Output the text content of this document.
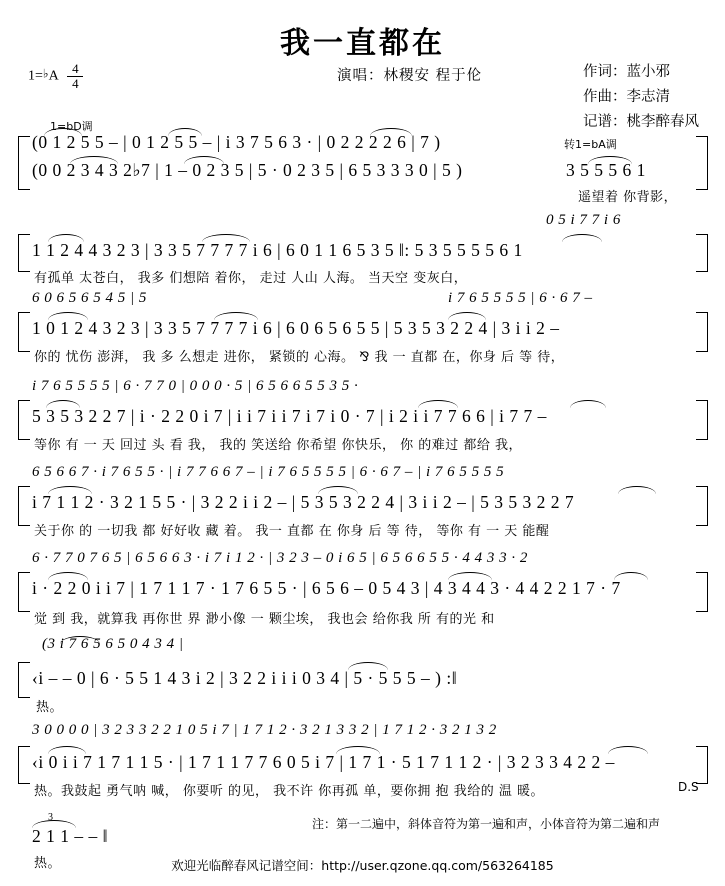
我一直都在
1=♭A $\frac{4}{4}$	演唱：林稷安 程于伦	作词：蓝小邪
作曲：李志清
记谱：桃李醉春风
1=bD调
(0 1 2 5 5 – | 0 1 2 5 5 – | i 3 7 5 6 3 · | 0 2 2 2 2 6 | 7 )	转1=bA调
(0 0 2 3 4 3 2♭7 | 1 – 0 2 3 5 | 5 · 0 2 3 5 | 6 5 3 3 3 0 | 5 )	3 5 5 5 6 1
遥望着 你背影，
0 5 i 7 7 i 6
1 1 2 4 4 3 2 3 | 3 3 5 7 7 7 7 i 6 | 6 0 1 1 6 5 3 5 ‖: 5 3 5 5 5 5 6 1
有孤单 太苍白， 我多 们想陪 着你， 走过 人山 人海。 当天空 变灰白，
6 0 6 5 6 5 4 5 | 5	i 7 6 5 5 5 5 | 6 · 6 7 –
1 0 1 2 4 3 2 3 | 3 3 5 7 7 7 7 i 6 | 6 0 6 5 6 5 5 | 5 3 5 3 2 2 4 | 3 i i 2 –
你的 忧伤 澎湃， 我 多 么想走 进你， 紧锁的 心海。 ⅋ 我 一 直都 在，你身 后 等 待，
i 7 6 5 5 5 5 | 6 · 7 7 0 | 0 0 0 · 5 | 6 5 6 6 5 5 3 5 ·
5 3 5 3 2 2 7 | i · 2 2 0 i 7 | i i 7 i i 7 i 7 i 0 · 7 | i 2 i i 7 7 6 6 | i 7 7 –
等你 有 一 天 回过 头 看 我， 我的 笑送给 你希望 你快乐， 你 的难过 都给 我，
6 5 6 6 7 · i 7 6 5 5 · | i 7 7 6 6 7 – | i 7 6 5 5 5 5 | 6 · 6 7 – | i 7 6 5 5 5 5
i 7 1 1 2 · 3 2 1 5 5 · | 3 2 2 i i 2 – | 5 3 5 3 2 2 4 | 3 i i 2 – | 5 3 5 3 2 2 7
关于你 的 一切我 都 好好收 藏 着。 我一 直都 在 你身 后 等 待， 等你 有 一 天 能醒
6 · 7 7 0 7 6 5 | 6 5 6 6 3 · i 7 i 1 2 · | 3 2 3 – 0 i 6 5 | 6 5 6 6 5 5 · 4 4 3 3 · 2
i · 2 2 0 i i 7 | 1 7 1 1 7 · 1 7 6 5 5 · | 6 5 6 – 0 5 4 3 | 4 3 4 4 3 · 4 4 2 2 1 7 · 7
觉 到 我，就算我 再你世 界 渺小像 一 颗尘埃， 我也会 给你我 所 有的光 和
(3 i 7 6 5 6 5 0 4 3 4 |
‹i – – 0 | 6 · 5 5 1 4 3 i 2 | 3 2 2 i i i 0 3 4 | 5 · 5 5 5 – ) :‖
热。
3 0 0 0 0 | 3 2 3 3 2 2 1 0 5 i 7 | 1 7 1 2 · 3 2 1 3 3 2 | 1 7 1 2 · 3 2 1 3 2
‹i 0 i i 7 1 7 1 1 5 · | 1 7 1 1 7 7 6 0 5 i 7 | 1 7 1 · 5 1 7 1 1 2 · | 3 2 3 3 4 2 2 –
热。我鼓起 勇气呐 喊， 你要听 的见， 我不许 你再孤 单，要你拥 抱 我给的 温 暖。	D.S
3
2 1 1 – – ‖
热。
注：第一二遍中，斜体音符为第一遍和声，小体音符为第二遍和声
欢迎光临醉春风记谱空间：http://user.qzone.qq.com/563264185
